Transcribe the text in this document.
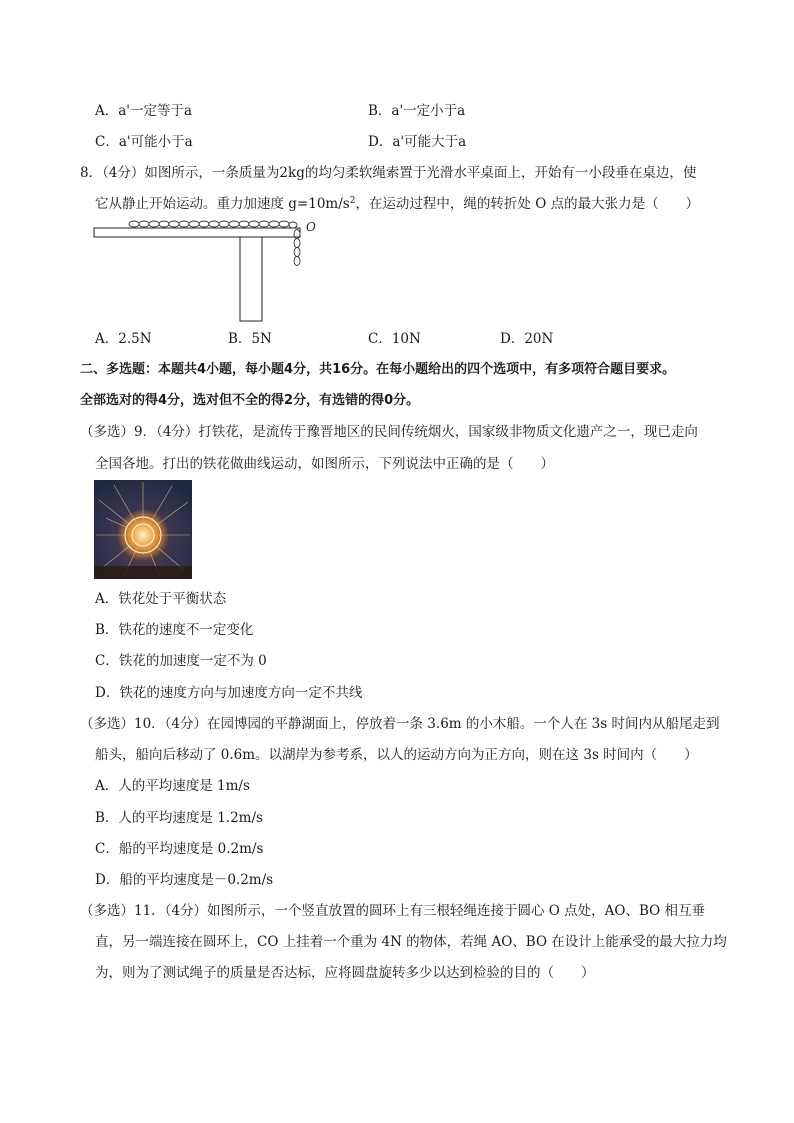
A．a'一定等于a	B．a'一定小于a
C．a'可能小于a	D．a'可能大于a
8．（4分）如图所示，一条质量为2kg的均匀柔软绳索置于光滑水平桌面上，开始有一小段垂在桌边，使
它从静止开始运动。重力加速度 $g=10m/s^2$，在运动过程中，绳的转折处 O 点的最大张力是（　　）
O
A．2.5N	B．5N	C．10N	D．20N
二、多选题：本题共4小题，每小题4分，共16分。在每小题给出的四个选项中，有多项符合题目要求。
全部选对的得4分，选对但不全的得2分，有选错的得0分。
（多选）9．（4分）打铁花，是流传于豫晋地区的民间传统烟火，国家级非物质文化遗产之一，现已走向
全国各地。打出的铁花做曲线运动，如图所示，下列说法中正确的是（　　）
A．铁花处于平衡状态
B．铁花的速度不一定变化
C．铁花的加速度一定不为 0
D．铁花的速度方向与加速度方向一定不共线
（多选）10．（4分）在园博园的平静湖面上，停放着一条 3.6m 的小木船。一个人在 3s 时间内从船尾走到
船头，船向后移动了 0.6m。以湖岸为参考系，以人的运动方向为正方向，则在这 3s 时间内（　　）
A．人的平均速度是 1m/s
B．人的平均速度是 1.2m/s
C．船的平均速度是 0.2m/s
D．船的平均速度是－0.2m/s
（多选）11．（4分）如图所示，一个竖直放置的圆环上有三根轻绳连接于圆心 O 点处，AO、BO 相互垂
直，另一端连接在圆环上，CO 上挂着一个重为 4N 的物体，若绳 AO、BO 在设计上能承受的最大拉力均
为，则为了测试绳子的质量是否达标，应将圆盘旋转多少以达到检验的目的（　　）
